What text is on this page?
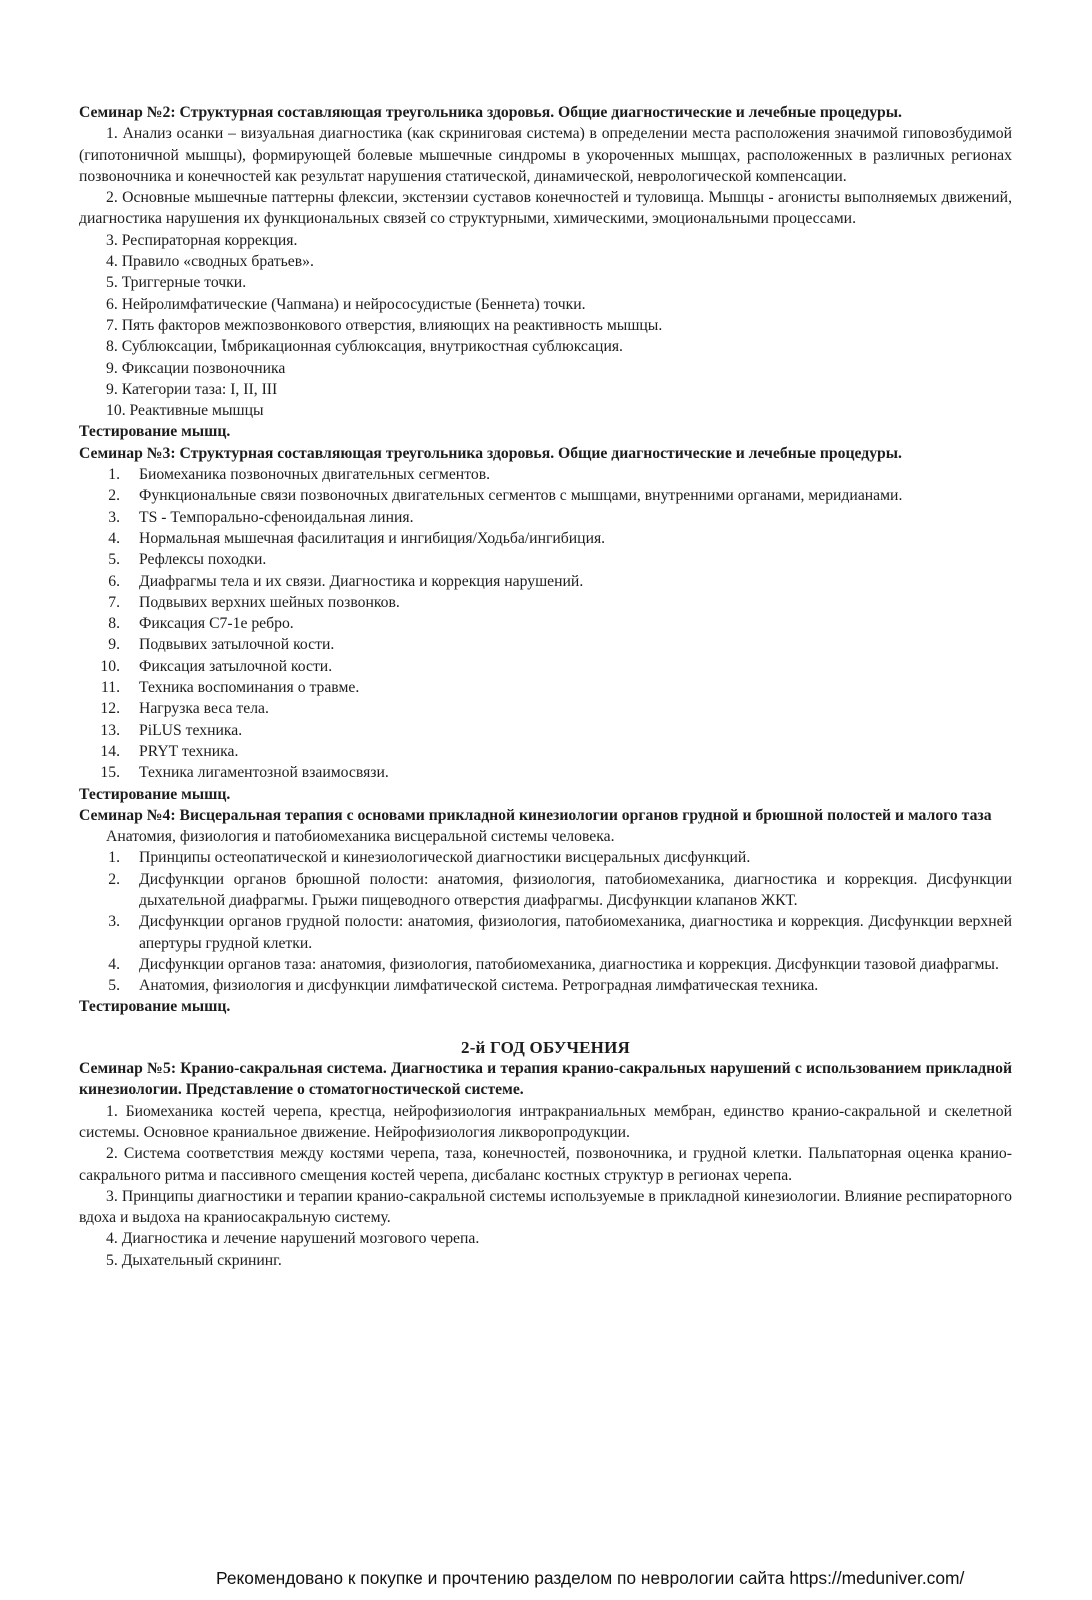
Семинар №2: Структурная составляющая треугольника здоровья. Общие диагностические и лечебные процедуры.
1. Анализ осанки – визуальная диагностика (как скриниговая система) в определении места расположения значимой гиповозбудимой (гипотоничной мышцы), формирующей болевые мышечные синдромы в укороченных мышцах, расположенных в различных регионах позвоночника и конечностей как результат нарушения статической, динамической, неврологической компенсации.
2. Основные мышечные паттерны флексии, экстензии суставов конечностей и туловища. Мышцы - агонисты выполняемых движений, диагностика нарушения их функциональных связей со структурными, химическими, эмоциональными процессами.
3. Респираторная коррекция.
4. Правило «сводных братьев».
5. Триггерные точки.
6. Нейролимфатические (Чапмана) и нейрососудистые (Беннета) точки.
7. Пять факторов межпозвонкового отверстия, влияющих на реактивность мышцы.
8. Сублюксации, Ꙇмбрикационная сублюксация, внутрикостная сублюксация.
9. Фиксации позвоночника
9. Категории таза: I, II, III
10. Реактивные мышцы
Тестирование мышц.
Семинар №3: Структурная составляющая треугольника здоровья. Общие диагностические и лечебные процедуры.
1.	Биомеханика позвоночных двигательных сегментов.
2.	Функциональные связи позвоночных двигательных сегментов с мышцами, внутренними органами, меридианами.
3.	TS - Темпорально-сфеноидальная линия.
4.	Нормальная мышечная фасилитация и ингибиция/Ходьба/ингибиция.
5.	Рефлексы походки.
6.	Диафрагмы тела и их связи. Диагностика и коррекция нарушений.
7.	Подвывих верхних шейных позвонков.
8.	Фиксация С7-1е ребро.
9.	Подвывих затылочной кости.
10.	Фиксация затылочной кости.
11.	Техника воспоминания о травме.
12.	Нагрузка веса тела.
13.	PiLUS техника.
14.	PRYT техника.
15.	Техника лигаментозной взаимосвязи.
Тестирование мышц.
Семинар №4: Висцеральная терапия с основами прикладной кинезиологии органов грудной и брюшной полостей и малого таза
Анатомия, физиология и патобиомеханика висцеральной системы человека.
1.	Принципы остеопатической и кинезиологической диагностики висцеральных дисфункций.
2.	Дисфункции органов брюшной полости: анатомия, физиология, патобиомеханика, диагностика и коррекция. Дисфункции дыхательной диафрагмы. Грыжи пищеводного отверстия диафрагмы. Дисфункции клапанов ЖКТ.
3.	Дисфункции органов грудной полости: анатомия, физиология, патобиомеханика, диагностика и коррекция. Дисфункции верхней апертуры грудной клетки.
4.	Дисфункции органов таза: анатомия, физиология, патобиомеханика, диагностика и коррекция. Дисфункции тазовой диафрагмы.
5.	Анатомия, физиология и дисфункции лимфатической система. Ретроградная лимфатическая техника.
Тестирование мышц.
2-й ГОД ОБУЧЕНИЯ
Семинар №5: Кранио-сакральная система. Диагностика и терапия кранио-сакральных нарушений с использованием прикладной кинезиологии. Представление о стоматогностической системе.
1. Биомеханика костей черепа, крестца, нейрофизиология интракраниальных мембран, единство кранио-сакральной и скелетной системы. Основное краниальное движение. Нейрофизиология ликворопродукции.
2. Система соответствия между костями черепа, таза, конечностей, позвоночника, и грудной клетки. Пальпаторная оценка кранио-сакрального ритма и пассивного смещения костей черепа, дисбаланс костных структур в регионах черепа.
3. Принципы диагностики и терапии кранио-сакральной системы используемые в прикладной кинезиологии. Влияние респираторного вдоха и выдоха на краниосакральную систему.
4. Диагностика и лечение нарушений мозгового черепа.
5. Дыхательный скрининг.
Рекомендовано к покупке и прочтению разделом по неврологии сайта https://meduniver.com/
